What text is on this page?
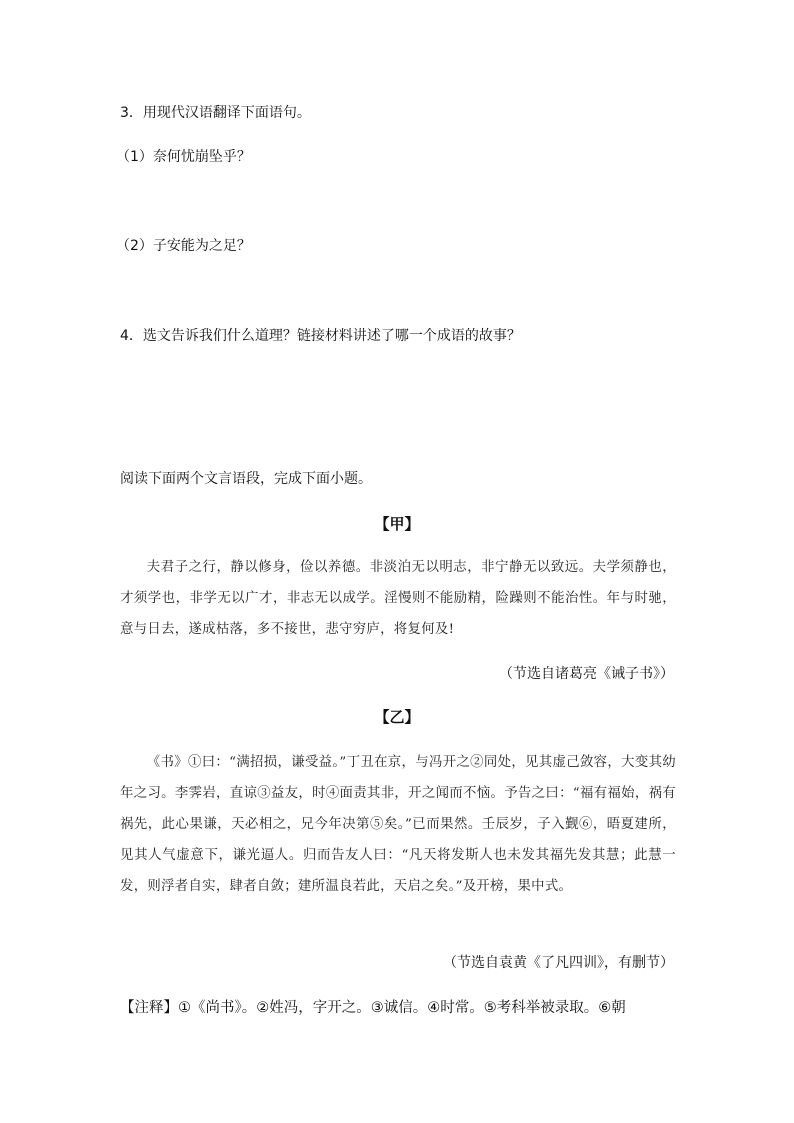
3．用现代汉语翻译下面语句。
（1）奈何忧崩坠乎？
（2）子安能为之足？
4．选文告诉我们什么道理？链接材料讲述了哪一个成语的故事？
阅读下面两个文言语段，完成下面小题。
【甲】
夫君子之行，静以修身，俭以养德。非淡泊无以明志，非宁静无以致远。夫学须静也，才须学也，非学无以广才，非志无以成学。淫慢则不能励精，险躁则不能治性。年与时驰，意与日去，遂成枯落，多不接世，悲守穷庐，将复何及!
（节选自诸葛亮《诫子书》）
【乙】
《书》①曰：“满招损，谦受益。”丁丑在京，与冯开之②同处，见其虚己敛容，大变其幼年之习。李霁岩，直谅③益友，时④面责其非，开之闻而不恼。予告之曰：“福有福始，祸有祸先，此心果谦，天必相之，兄今年决第⑤矣。”已而果然。壬辰岁，子入觐⑥，晤夏建所，见其人气虚意下，谦光逼人。归而告友人曰：“凡天将发斯人也未发其福先发其慧；此慧一发，则浮者自实，肆者自敛；建所温良若此，天启之矣。”及开榜，果中式。
（节选自袁黄《了凡四训》，有删节）
【注释】①《尚书》。②姓冯，字开之。③诚信。④时常。⑤考科举被录取。⑥朝
